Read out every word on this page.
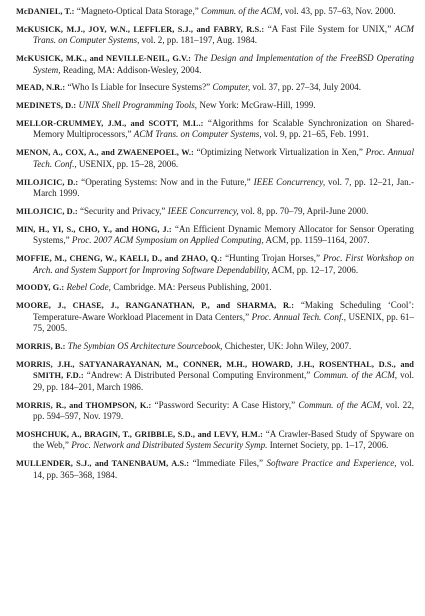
McDANIEL, T.: “Magneto-Optical Data Storage,” Commun. of the ACM, vol. 43, pp. 57–63, Nov. 2000.

McKUSICK, M.J., JOY, W.N., LEFFLER, S.J., and FABRY, R.S.: “A Fast File System for UNIX,” ACM Trans. on Computer Systems, vol. 2, pp. 181–197, Aug. 1984.

McKUSICK, M.K., and NEVILLE-NEIL, G.V.: The Design and Implementation of the FreeBSD Operating System, Reading, MA: Addison-Wesley, 2004.

MEAD, N.R.: “Who Is Liable for Insecure Systems?” Computer, vol. 37, pp. 27–34, July 2004.

MEDINETS, D.: UNIX Shell Programming Tools, New York: McGraw-Hill, 1999.

MELLOR-CRUMMEY, J.M., and SCOTT, M.L.: “Algorithms for Scalable Synchronization on Shared-Memory Multiprocessors,” ACM Trans. on Computer Systems, vol. 9, pp. 21–65, Feb. 1991.

MENON, A., COX, A., and ZWAENEPOEL, W.: “Optimizing Network Virtualization in Xen,” Proc. Annual Tech. Conf., USENIX, pp. 15–28, 2006.

MILOJICIC, D.: “Operating Systems: Now and in the Future,” IEEE Concurrency, vol. 7, pp. 12–21, Jan.-March 1999.

MILOJICIC, D.: “Security and Privacy,” IEEE Concurrency, vol. 8, pp. 70–79, April-June 2000.

MIN, H., YI, S., CHO, Y., and HONG, J.: “An Efficient Dynamic Memory Allocator for Sensor Operating Systems,” Proc. 2007 ACM Symposium on Applied Computing, ACM, pp. 1159–1164, 2007.

MOFFIE, M., CHENG, W., KAELI, D., and ZHAO, Q.: “Hunting Trojan Horses,” Proc. First Workshop on Arch. and System Support for Improving Software Dependability, ACM, pp. 12–17, 2006.

MOODY, G.: Rebel Code, Cambridge. MA: Perseus Publishing, 2001.

MOORE, J., CHASE, J., RANGANATHAN, P., and SHARMA, R.: “Making Scheduling ‘Cool’: Temperature-Aware Workload Placement in Data Centers,” Proc. Annual Tech. Conf., USENIX, pp. 61–75, 2005.

MORRIS, B.: The Symbian OS Architecture Sourcebook, Chichester, UK: John Wiley, 2007.

MORRIS, J.H., SATYANARAYANAN, M., CONNER, M.H., HOWARD, J.H., ROSENTHAL, D.S., and SMITH, F.D.: “Andrew: A Distributed Personal Computing Environment,” Commun. of the ACM, vol. 29, pp. 184–201, March 1986.

MORRIS, R., and THOMPSON, K.: “Password Security: A Case History,” Commun. of the ACM, vol. 22, pp. 594–597, Nov. 1979.

MOSHCHUK, A., BRAGIN, T., GRIBBLE, S.D., and LEVY, H.M.: “A Crawler-Based Study of Spyware on the Web,” Proc. Network and Distributed System Security Symp. Internet Society, pp. 1–17, 2006.

MULLENDER, S.J., and TANENBAUM, A.S.: “Immediate Files,” Software Practice and Experience, vol. 14, pp. 365–368, 1984.
